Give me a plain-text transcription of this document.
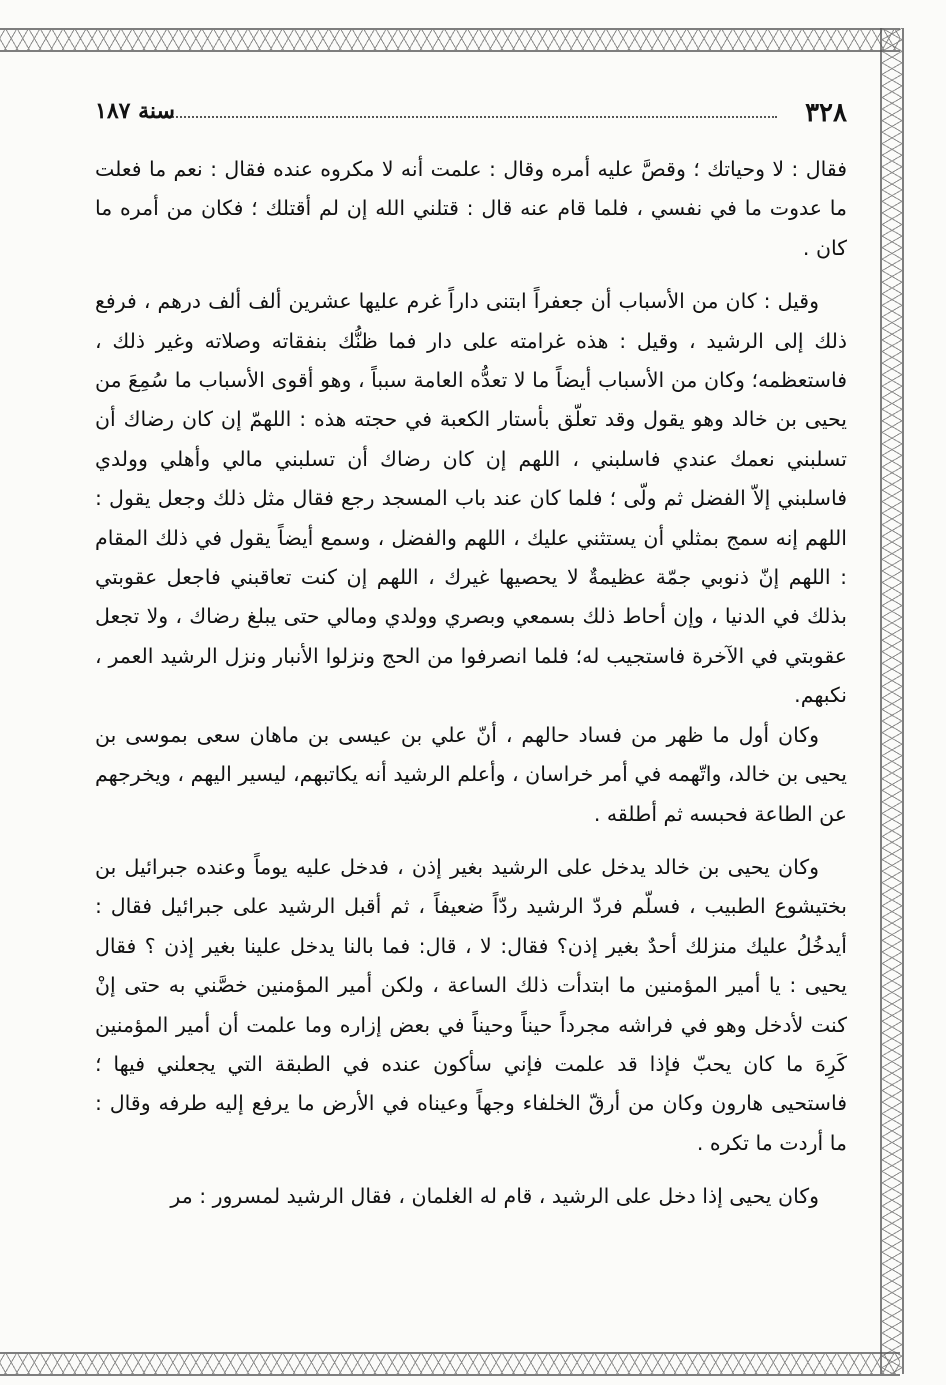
٣٢٨
سنة ١٨٧

فقال : لا وحياتك ؛ وقصَّ عليه أمره وقال : علمت أنه لا مكروه عنده فقال : نعم ما فعلت ما عدوت ما في نفسي ، فلما قام عنه قال : قتلني الله إن لم أقتلك ؛ فكان من أمره ما كان .

وقيل : كان من الأسباب أن جعفراً ابتنى داراً غرم عليها عشرين ألف ألف درهم ، فرفع ذلك إلى الرشيد ، وقيل : هذه غرامته على دار فما ظنُّك بنفقاته وصلاته وغير ذلك ، فاستعظمه؛ وكان من الأسباب أيضاً ما لا تعدُّه العامة سبباً ، وهو أقوى الأسباب ما سُمِعَ من يحيى بن خالد وهو يقول وقد تعلّق بأستار الكعبة في حجته هذه : اللهمّ إن كان رضاك أن تسلبني نعمك عندي فاسلبني ، اللهم إن كان رضاك أن تسلبني مالي وأهلي وولدي فاسلبني إلاّ الفضل ثم ولّى ؛ فلما كان عند باب المسجد رجع فقال مثل ذلك وجعل يقول : اللهم إنه سمج بمثلي أن يستثني عليك ، اللهم والفضل ، وسمع أيضاً يقول في ذلك المقام : اللهم إنّ ذنوبي جمّة عظيمةٌ لا يحصيها غيرك ، اللهم إن كنت تعاقبني فاجعل عقوبتي بذلك في الدنيا ، وإن أحاط ذلك بسمعي وبصري وولدي ومالي حتى يبلغ رضاك ، ولا تجعل عقوبتي في الآخرة فاستجيب له؛ فلما انصرفوا من الحج ونزلوا الأنبار ونزل الرشيد العمر ، نكبهم.

وكان أول ما ظهر من فساد حالهم ، أنّ علي بن عيسى بن ماهان سعى بموسى بن يحيى بن خالد، واتّهمه في أمر خراسان ، وأعلم الرشيد أنه يكاتبهم، ليسير اليهم ، ويخرجهم عن الطاعة فحبسه ثم أطلقه .

وكان يحيى بن خالد يدخل على الرشيد بغير إذن ، فدخل عليه يوماً وعنده جبرائيل بن بختيشوع الطبيب ، فسلّم فردّ الرشيد ردّاً ضعيفاً ، ثم أقبل الرشيد على جبرائيل فقال : أيدخُلُ عليك منزلك أحدٌ بغير إذن؟ فقال: لا ، قال: فما بالنا يدخل علينا بغير إذن ؟ فقال يحيى : يا أمير المؤمنين ما ابتدأت ذلك الساعة ، ولكن أمير المؤمنين خصَّني به حتى إنْ كنت لأدخل وهو في فراشه مجرداً حيناً وحيناً في بعض إزاره وما علمت أن أمير المؤمنين كَرِهَ ما كان يحبّ فإذا قد علمت فإني سأكون عنده في الطبقة التي يجعلني فيها ؛ فاستحيى هارون وكان من أرقّ الخلفاء وجهاً وعيناه في الأرض ما يرفع إليه طرفه وقال : ما أردت ما تكره .

وكان يحيى إذا دخل على الرشيد ، قام له الغلمان ، فقال الرشيد لمسرور : مر
